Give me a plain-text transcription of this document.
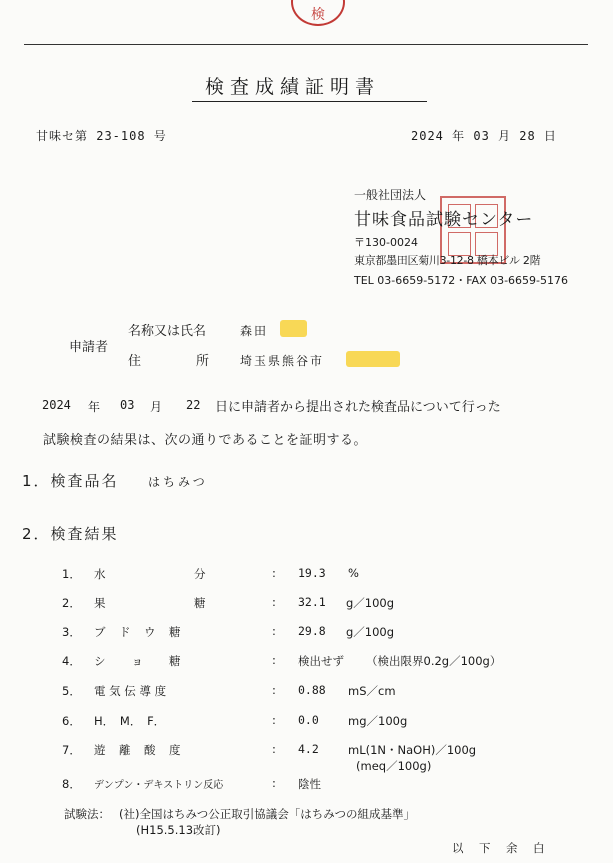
検
検査成績証明書
甘味セ第 23-108 号	2024 年 03 月 28 日
一般社団法人
甘味食品試験センター
〒130-0024
東京都墨田区菊川3-12-8 橋本ビル 2階
TEL 03-6659-5172・FAX 03-6659-5176
申請者
名称又は氏名	森田
住	所	埼玉県熊谷市
2024 年 03 月 22 日に申請者から提出された検査品について行った
試験検査の結果は、次の通りであることを証明する。
1．検査品名 はちみつ
2．検査結果
1． 水　　　　　　　分	: 19.3 %
2． 果　　　　　　　糖	: 32.1 g／100g
3． ブ　ド　ウ　糖	: 29.8 g／100g
4． シ　　ョ　　糖	: 検出せず （検出限界0.2g／100g）
5． 電 気 伝 導 度	: 0.88 mS／cm
6． H．　M．　F．	: 0.0	mg／100g
7． 遊　離　酸　度	: 4.2	mL(1N・NaOH)／100g
(meq／100g)
8． デンプン・デキストリン反応	: 陰性
試験法： (社)全国はちみつ公正取引協議会「はちみつの組成基準」
(H15.5.13改訂)
以　下　余　白
